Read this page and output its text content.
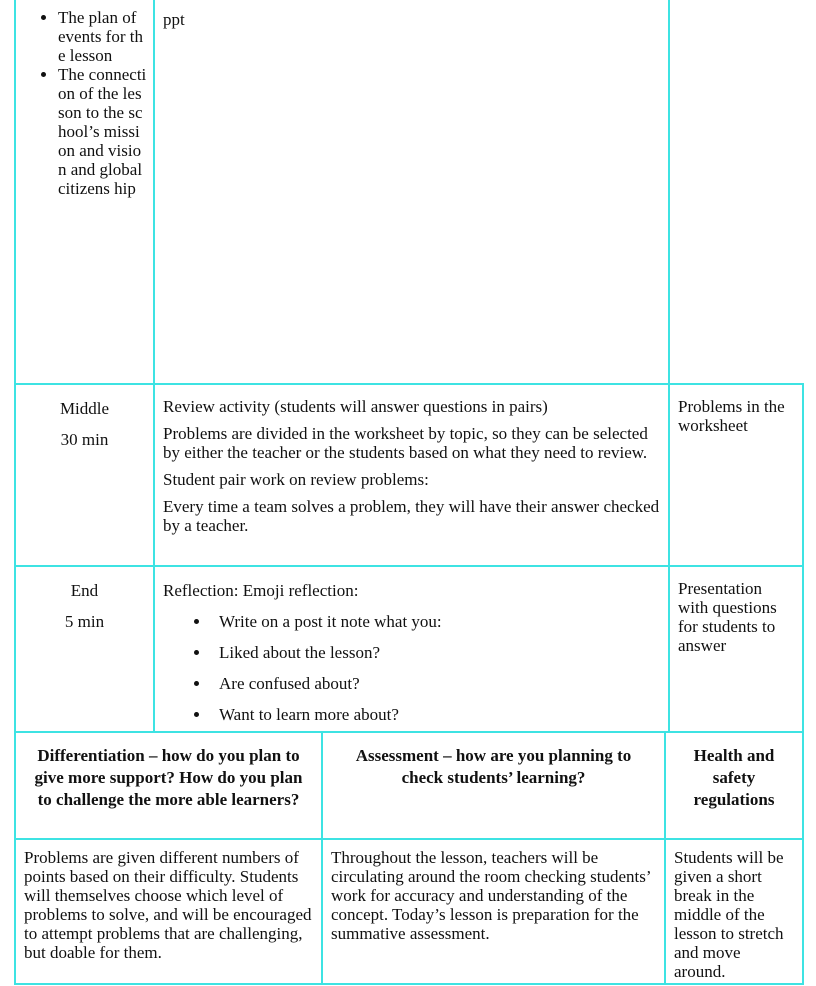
• The plan of events for the lesson
• The connecti on of the lesson to the school’s mission and vision and global citizens hip
ppt

Middle

30 min

Review activity (students will answer questions in pairs)

Problems are divided in the worksheet by topic, so they can be selected by either the teacher or the students based on what they need to review.

Student pair work on review problems:

Every time a team solves a problem, they will have their answer checked by a teacher.

Problems in the worksheet

End

5 min

Reflection: Emoji reflection:

• Write on a post it note what you:
• Liked about the lesson?
• Are confused about?
• Want to learn more about?
Presentation with questions for students to answer
Differentiation – how do you plan to give more support? How do you plan to challenge the more able learners?
Assessment – how are you planning to check students’ learning?
Health and safety regulations
Problems are given different numbers of points based on their difficulty. Students will themselves choose which level of problems to solve, and will be encouraged to attempt problems that are challenging, but doable for them.
Throughout the lesson, teachers will be circulating around the room checking students’ work for accuracy and understanding of the concept. Today’s lesson is preparation for the summative assessment.
Students will be given a short break in the middle of the lesson to stretch and move around.
